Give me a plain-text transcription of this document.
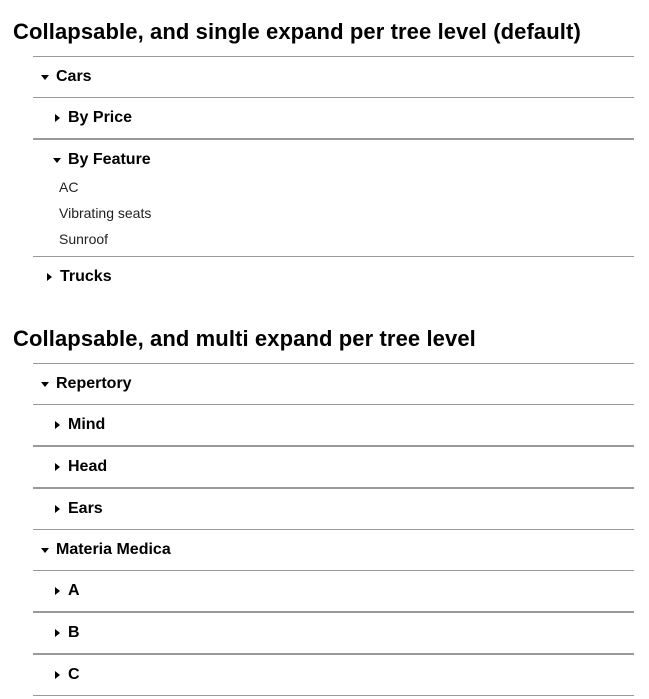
Collapsable, and single expand per tree level (default)
Cars
By Price
By Feature
AC
Vibrating seats
Sunroof
Trucks
Collapsable, and multi expand per tree level
Repertory
Mind
Head
Ears
Materia Medica
A
B
C
